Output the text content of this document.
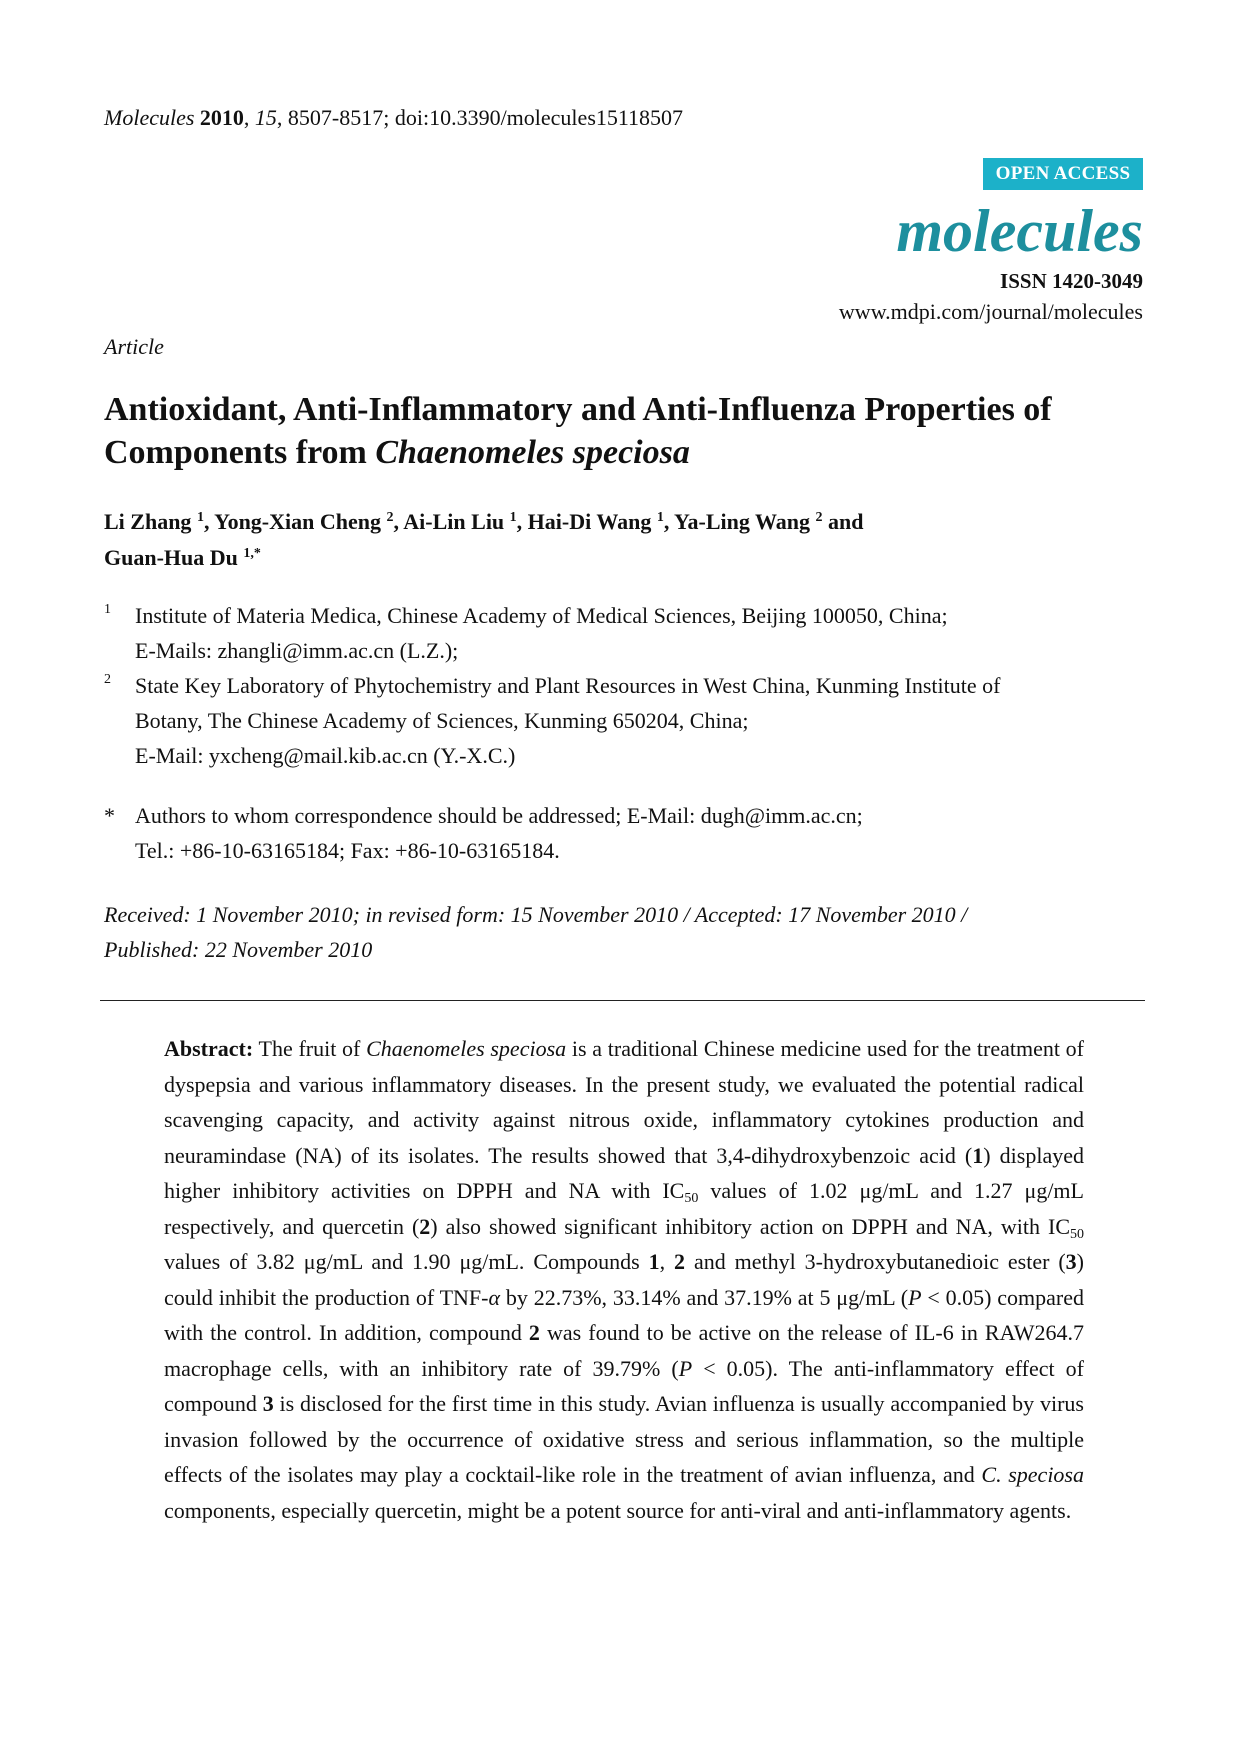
Molecules 2010, 15, 8507-8517; doi:10.3390/molecules15118507
OPEN ACCESS
molecules
ISSN 1420-3049
www.mdpi.com/journal/molecules
Article
Antioxidant, Anti-Inflammatory and Anti-Influenza Properties of Components from Chaenomeles speciosa
Li Zhang $^1$, Yong-Xian Cheng $^2$, Ai-Lin Liu $^1$, Hai-Di Wang $^1$, Ya-Ling Wang $^2$ and
Guan-Hua Du $^{1,*}$
1 Institute of Materia Medica, Chinese Academy of Medical Sciences, Beijing 100050, China;
E-Mails: zhangli@imm.ac.cn (L.Z.);
2 State Key Laboratory of Phytochemistry and Plant Resources in West China, Kunming Institute of
Botany, The Chinese Academy of Sciences, Kunming 650204, China;
E-Mail: yxcheng@mail.kib.ac.cn (Y.-X.C.)
* Authors to whom correspondence should be addressed; E-Mail: dugh@imm.ac.cn;
Tel.: +86-10-63165184; Fax: +86-10-63165184.
Received: 1 November 2010; in revised form: 15 November 2010 / Accepted: 17 November 2010 /
Published: 22 November 2010
Abstract: The fruit of Chaenomeles speciosa is a traditional Chinese medicine used for the treatment of dyspepsia and various inflammatory diseases. In the present study, we evaluated the potential radical scavenging capacity, and activity against nitrous oxide, inflammatory cytokines production and neuramindase (NA) of its isolates. The results showed that 3,4-dihydroxybenzoic acid (1) displayed higher inhibitory activities on DPPH and NA with $IC_{50}$ values of 1.02 μg/mL and 1.27 μg/mL respectively, and quercetin (2) also showed significant inhibitory action on DPPH and NA, with $IC_{50}$ values of 3.82 μg/mL and 1.90 μg/mL. Compounds 1, 2 and methyl 3-hydroxybutanedioic ester (3) could inhibit the production of TNF-α by 22.73%, 33.14% and 37.19% at 5 μg/mL (P < 0.05) compared with the control. In addition, compound 2 was found to be active on the release of IL-6 in RAW264.7 macrophage cells, with an inhibitory rate of 39.79% (P < 0.05). The anti-inflammatory effect of compound 3 is disclosed for the first time in this study. Avian influenza is usually accompanied by virus invasion followed by the occurrence of oxidative stress and serious inflammation, so the multiple effects of the isolates may play a cocktail-like role in the treatment of avian influenza, and C. speciosa components, especially quercetin, might be a potent source for anti-viral and anti-inflammatory agents.
